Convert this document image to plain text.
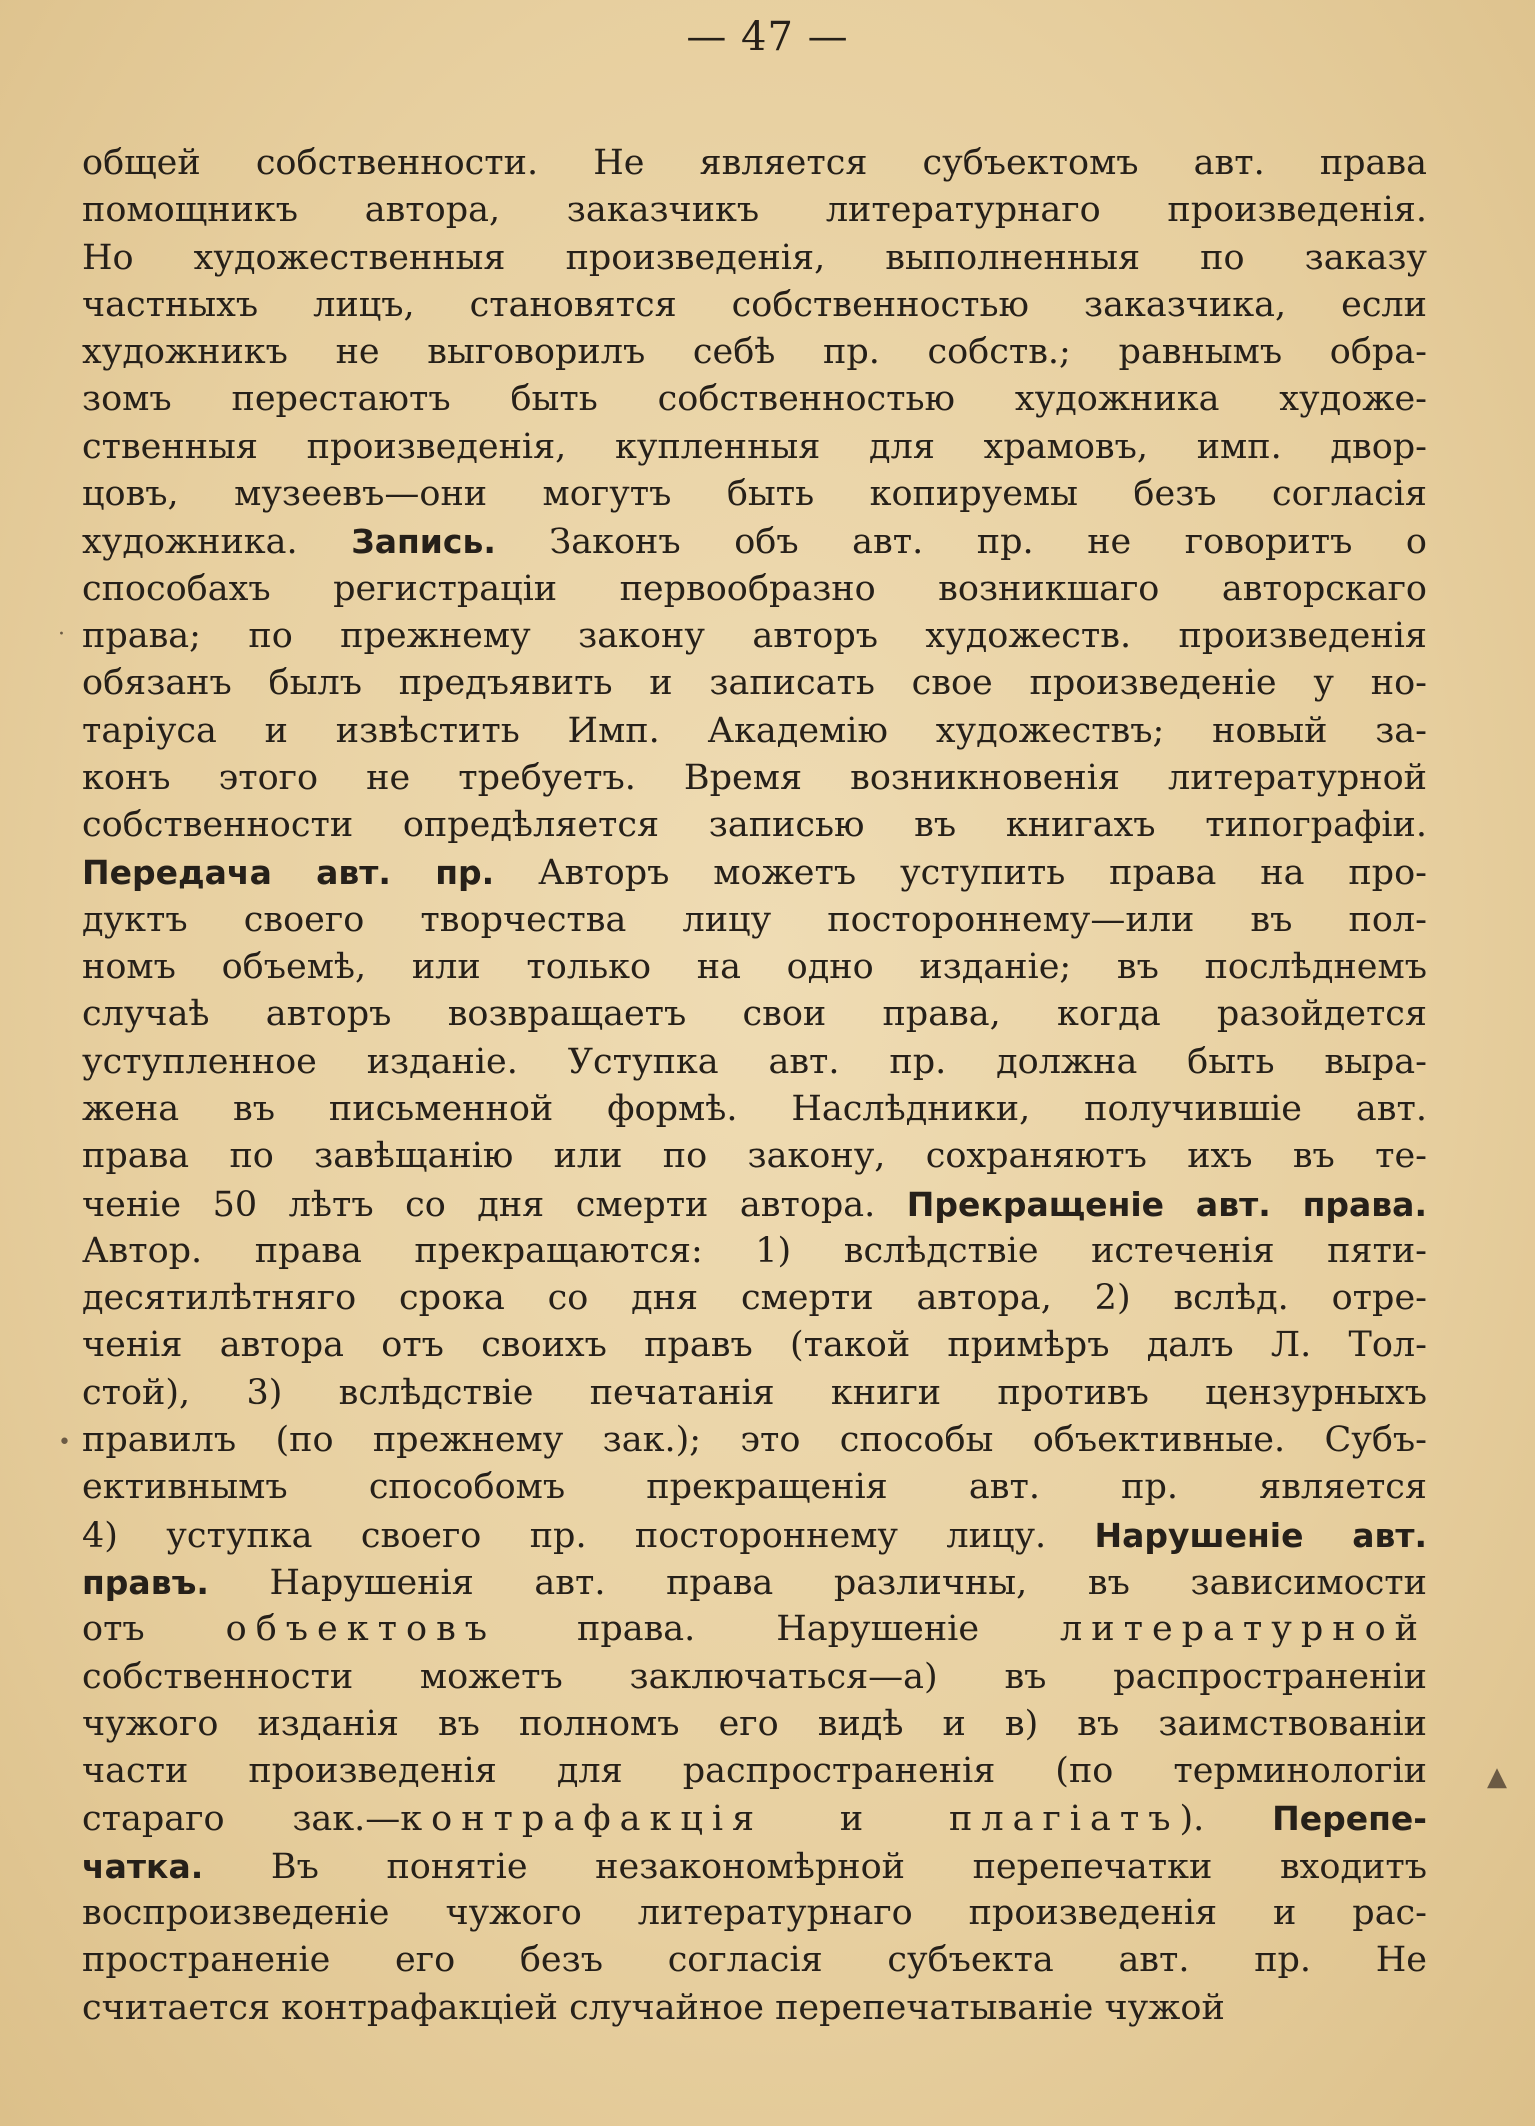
— 47 —
общей собственности. Не является субъектомъ авт. права
помощникъ автора, заказчикъ литературнаго произведенія.
Но художественныя произведенія, выполненныя по заказу
частныхъ лицъ, становятся собственностью заказчика, если
художникъ не выговорилъ себѣ пр. собств.; равнымъ обра-
зомъ перестаютъ быть собственностью художника художе-
ственныя произведенія, купленныя для храмовъ, имп. двор-
цовъ, музеевъ—они могутъ быть копируемы безъ согласія
художника. Запись. Законъ объ авт. пр. не говоритъ о
способахъ регистраціи первообразно возникшаго авторскаго
права; по прежнему закону авторъ художеств. произведенія
обязанъ былъ предъявить и записать свое произведеніе у но-
таріуса и извѣстить Имп. Академію художествъ; новый за-
конъ этого не требуетъ. Время возникновенія литературной
собственности опредѣляется записью въ книгахъ типографіи.
Передача авт. пр. Авторъ можетъ уступить права на про-
дуктъ своего творчества лицу постороннему—или въ пол-
номъ объемѣ, или только на одно изданіе; въ послѣднемъ
случаѣ авторъ возвращаетъ свои права, когда разойдется
уступленное изданіе. Уступка авт. пр. должна быть выра-
жена въ письменной формѣ. Наслѣдники, получившіе авт.
права по завѣщанію или по закону, сохраняютъ ихъ въ те-
ченіе 50 лѣтъ со дня смерти автора. Прекращеніе авт. права.
Автор. права прекращаются: 1) вслѣдствіе истеченія пяти-
десятилѣтняго срока со дня смерти автора, 2) вслѣд. отре-
ченія автора отъ своихъ правъ (такой примѣръ далъ Л. Тол-
стой), 3) вслѣдствіе печатанія книги противъ цензурныхъ
правилъ (по прежнему зак.); это способы объективные. Субъ-
ективнымъ способомъ прекращенія авт. пр. является
4) уступка своего пр. постороннему лицу. Нарушеніе авт.
правъ. Нарушенія авт. права различны, въ зависимости
отъ объектовъ права. Нарушеніе литературной
собственности можетъ заключаться—а) въ распространеніи
чужого изданія въ полномъ его видѣ и в) въ заимствованіи
части произведенія для распространенія (по терминологіи
стараго зак.—контрафакція и плагіатъ). Перепе-
чатка. Въ понятіе незакономѣрной перепечатки входитъ
воспроизведеніе чужого литературнаго произведенія и рас-
пространеніе его безъ согласія субъекта авт. пр. Не
считается контрафакціей случайное перепечатываніе чужой
·
•
▲
